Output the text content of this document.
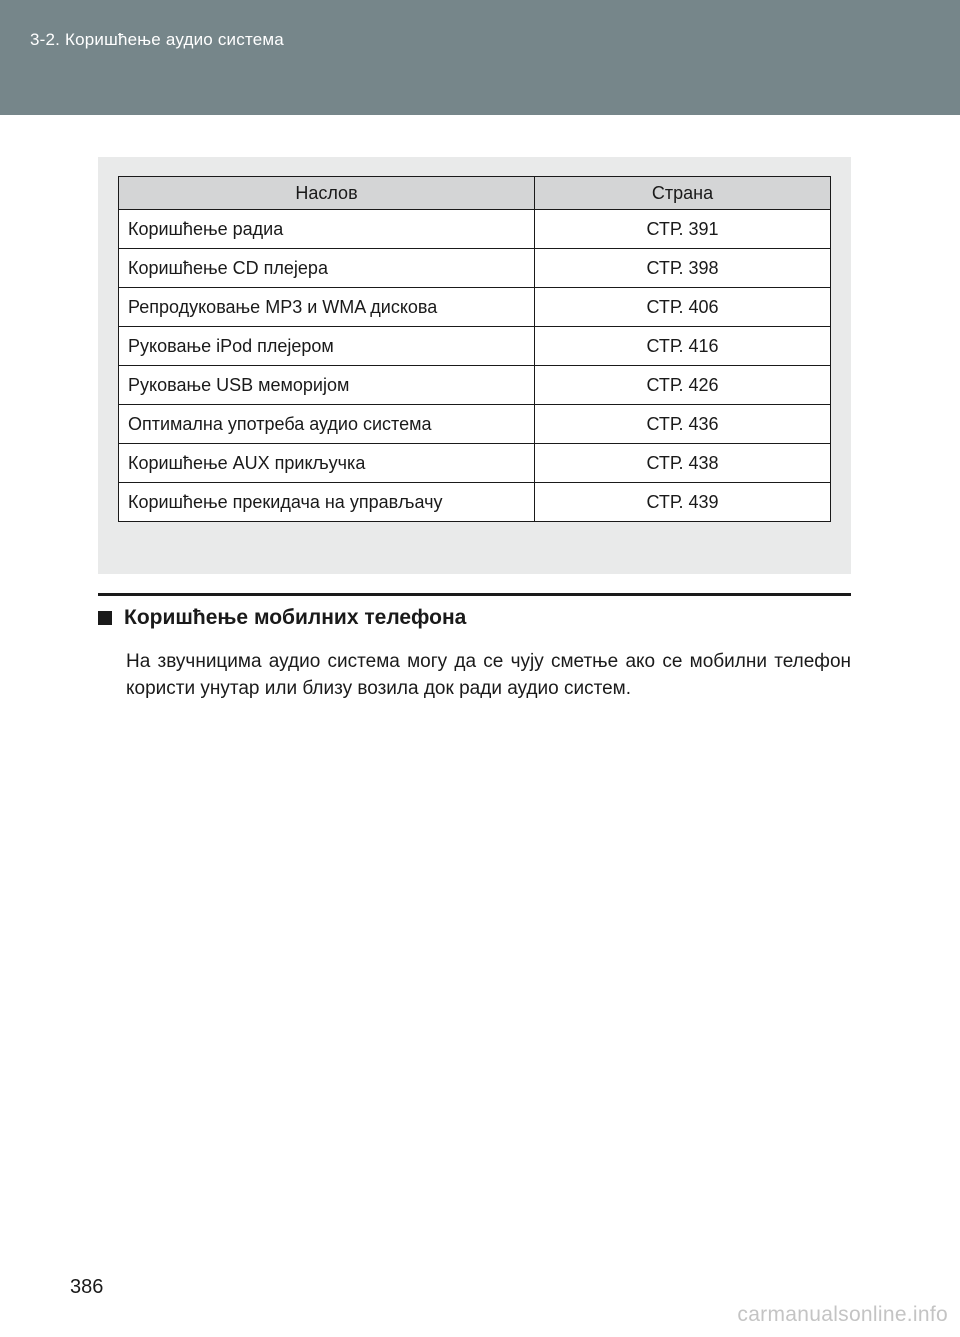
3-2. Коришћење аудио система
Наслов	Страна
Коришћење радиа	СТР. 391
Коришћење CD плејера	СТР. 398
Репродуковање MP3 и WMA дискова	СТР. 406
Руковање iPod плејером	СТР. 416
Руковање USB меморијом	СТР. 426
Оптимална употреба аудио система	СТР. 436
Коришћење AUX прикључка	СТР. 438
Коришћење прекидача на управљачу	СТР. 439
Коришћење мобилних телефона
На звучницима аудио система могу да се чују сметње ако се мобилни телефон користи унутар или близу возила док ради аудио систем.
386
carmanualsonline.info
